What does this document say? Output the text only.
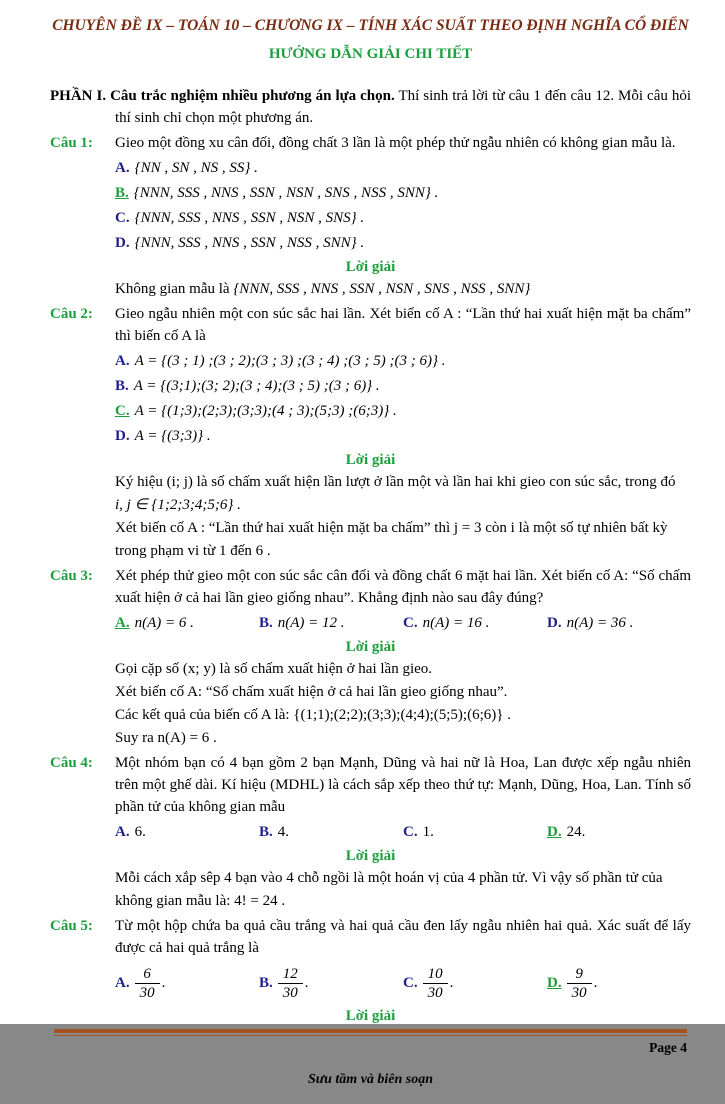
CHUYÊN ĐỀ IX – TOÁN 10 – CHƯƠNG IX – TÍNH XÁC SUẤT THEO ĐỊNH NGHĨA CỔ ĐIỂN
HƯỚNG DẪN GIẢI CHI TIẾT

PHẦN I. Câu trắc nghiệm nhiều phương án lựa chọn. Thí sinh trả lời từ câu 1 đến câu 12. Mỗi câu hỏi thí sinh chỉ chọn một phương án.

Câu 1:	Gieo một đồng xu cân đối, đồng chất 3 lần là một phép thử ngẫu nhiên có không gian mẫu là.

A. {NN , SN , NS , SS} .
B. {NNN, SSS , NNS , SSN , NSN , SNS , NSS , SNN} .
C. {NNN, SSS , NNS , SSN , NSN , SNS} .
D. {NNN, SSS , NNS , SSN , NSS , SNN} .
Lời giải

Không gian mẫu là {NNN, SSS , NNS , SSN , NSN , SNS , NSS , SNN}

Câu 2:	Gieo ngẫu nhiên một con súc sắc hai lần. Xét biến cố A : “Lần thứ hai xuất hiện mặt ba chấm” thì biến cố A là

A. A = {(3 ; 1) ;(3 ; 2);(3 ; 3) ;(3 ; 4) ;(3 ; 5) ;(3 ; 6)} .
B. A = {(3;1);(3; 2);(3 ; 4);(3 ; 5) ;(3 ; 6)} .
C. A = {(1;3);(2;3);(3;3);(4 ; 3);(5;3) ;(6;3)} .
D. A = {(3;3)} .
Lời giải

Ký hiệu (i; j) là số chấm xuất hiện lần lượt ở lần một và lần hai khi gieo con súc sắc, trong đó

i, j ∈ {1;2;3;4;5;6} .

Xét biến cố A : “Lần thứ hai xuất hiện mặt ba chấm” thì j = 3 còn i là một số tự nhiên bất kỳ

trong phạm vi từ 1 đến 6 .

Câu 3:	Xét phép thử gieo một con súc sắc cân đối và đồng chất 6 mặt hai lần. Xét biến cố A: “Số chấm xuất hiện ở cả hai lần gieo giống nhau”. Khẳng định nào sau đây đúng?

A. n(A) = 6 .	B. n(A) = 12 .	C. n(A) = 16 .	D. n(A) = 36 .
Lời giải

Gọi cặp số (x; y) là số chấm xuất hiện ở hai lần gieo.

Xét biến cố A: “Số chấm xuất hiện ở cả hai lần gieo giống nhau”.

Các kết quả của biến cố A là: {(1;1);(2;2);(3;3);(4;4);(5;5);(6;6)} .

Suy ra n(A) = 6 .

Câu 4:	Một nhóm bạn có 4 bạn gồm 2 bạn Mạnh, Dũng và hai nữ là Hoa, Lan được xếp ngẫu nhiên trên một ghế dài. Kí hiệu (MDHL) là cách sắp xếp theo thứ tự: Mạnh, Dũng, Hoa, Lan. Tính số phần tử của không gian mẫu

A. 6.	B. 4.	C. 1.	D. 24.
Lời giải

Mỗi cách xắp sêp 4 bạn vào 4 chỗ ngồi là một hoán vị của 4 phần tử. Vì vậy số phần tử của

không gian mẫu là: 4! = 24 .

Câu 5:	Từ một hộp chứa ba quả cầu trắng và hai quả cầu đen lấy ngẫu nhiên hai quả. Xác suất để lấy được cả hai quả trắng là

A. $\frac{6}{30}$ .	B. $\frac{12}{30}$ .	C. $\frac{10}{30}$ .	D. $\frac{9}{30}$ .
Lời giải
Page 4
Sưu tầm và biên soạn
